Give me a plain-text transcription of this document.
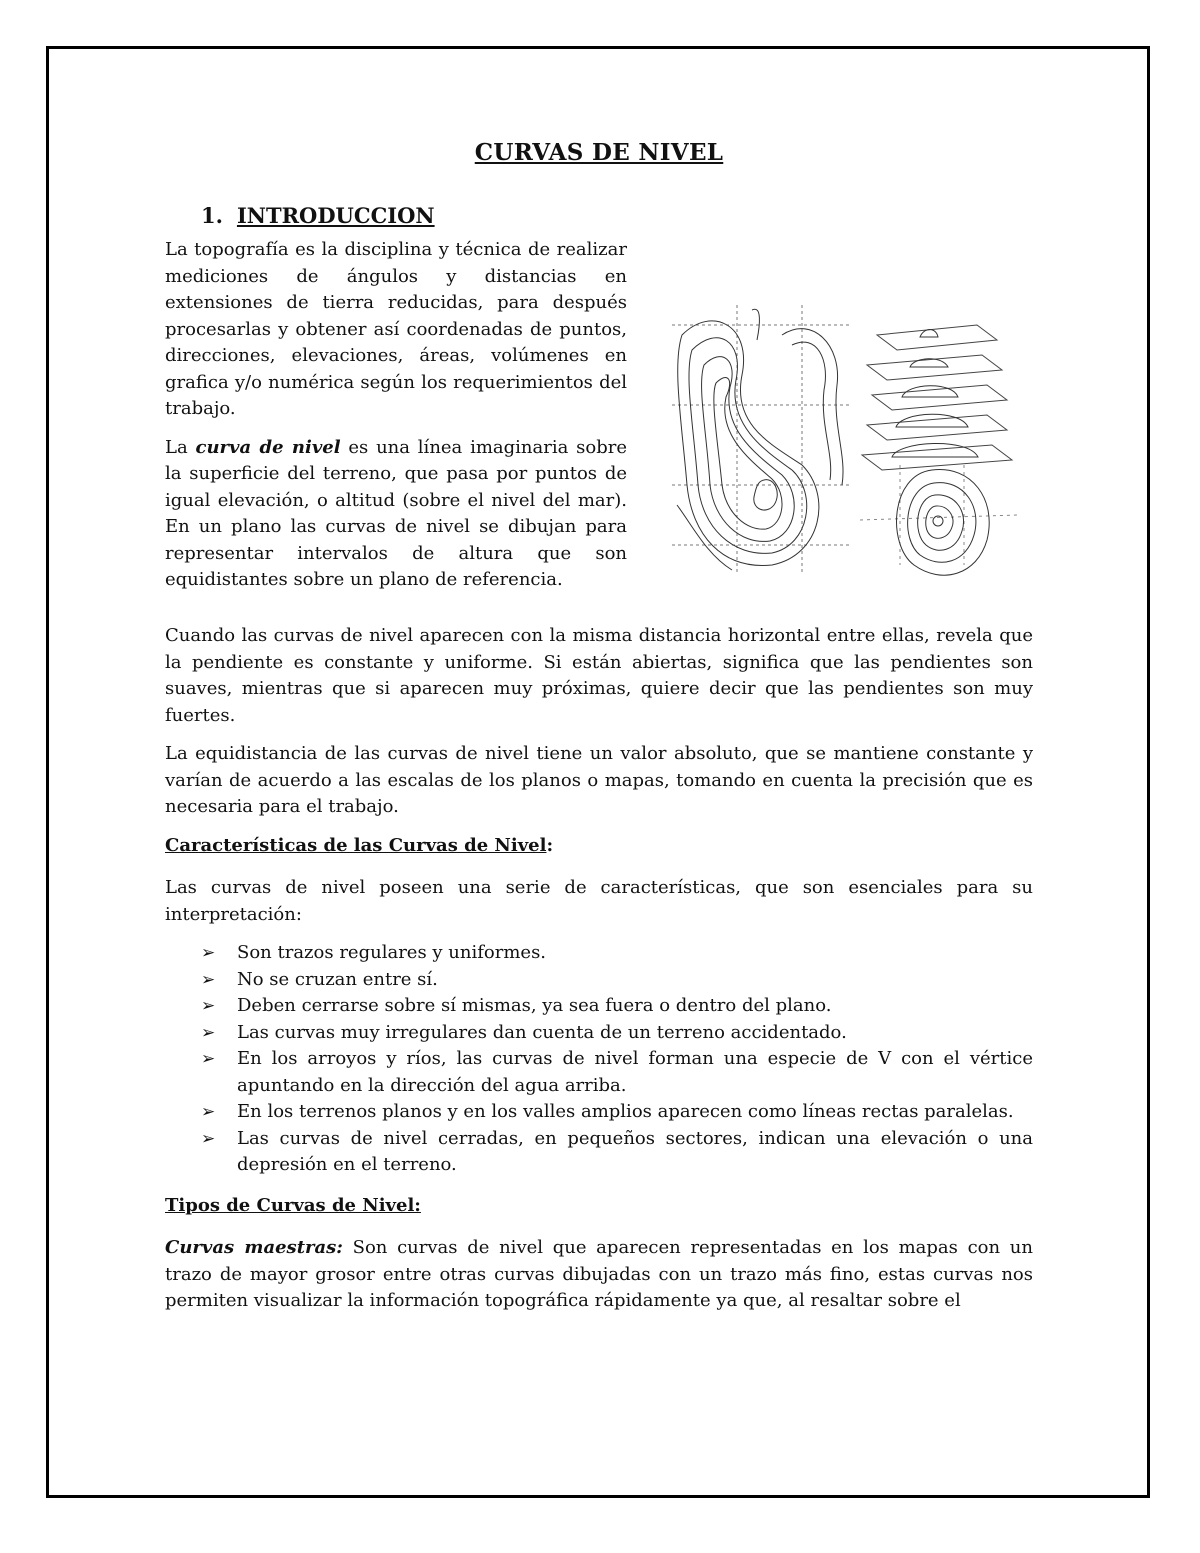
CURVAS DE NIVEL
1. INTRODUCCION

La topografía es la disciplina y técnica de realizar mediciones de ángulos y distancias en extensiones de tierra reducidas, para después procesarlas y obtener así coordenadas de puntos, direcciones, elevaciones, áreas, volúmenes en grafica y/o numérica según los requerimientos del trabajo.

La curva de nivel es una línea imaginaria sobre la superficie del terreno, que pasa por puntos de igual elevación, o altitud (sobre el nivel del mar). En un plano las curvas de nivel se dibujan para representar intervalos de altura que son equidistantes sobre un plano de referencia.

Cuando las curvas de nivel aparecen con la misma distancia horizontal entre ellas, revela que la pendiente es constante y uniforme. Si están abiertas, significa que las pendientes son suaves, mientras que si aparecen muy próximas, quiere decir que las pendientes son muy fuertes.

La equidistancia de las curvas de nivel tiene un valor absoluto, que se mantiene constante y varían de acuerdo a las escalas de los planos o mapas, tomando en cuenta la precisión que es necesaria para el trabajo.

Características de las Curvas de Nivel:

Las curvas de nivel poseen una serie de características, que son esenciales para su interpretación:

➢ Son trazos regulares y uniformes.
➢ No se cruzan entre sí.
➢ Deben cerrarse sobre sí mismas, ya sea fuera o dentro del plano.
➢ Las curvas muy irregulares dan cuenta de un terreno accidentado.
➢ En los arroyos y ríos, las curvas de nivel forman una especie de V con el vértice apuntando en la dirección del agua arriba.
➢ En los terrenos planos y en los valles amplios aparecen como líneas rectas paralelas.
➢ Las curvas de nivel cerradas, en pequeños sectores, indican una elevación o una depresión en el terreno.
Tipos de Curvas de Nivel:

Curvas maestras: Son curvas de nivel que aparecen representadas en los mapas con un trazo de mayor grosor entre otras curvas dibujadas con un trazo más fino, estas curvas nos permiten visualizar la información topográfica rápidamente ya que, al resaltar sobre el
